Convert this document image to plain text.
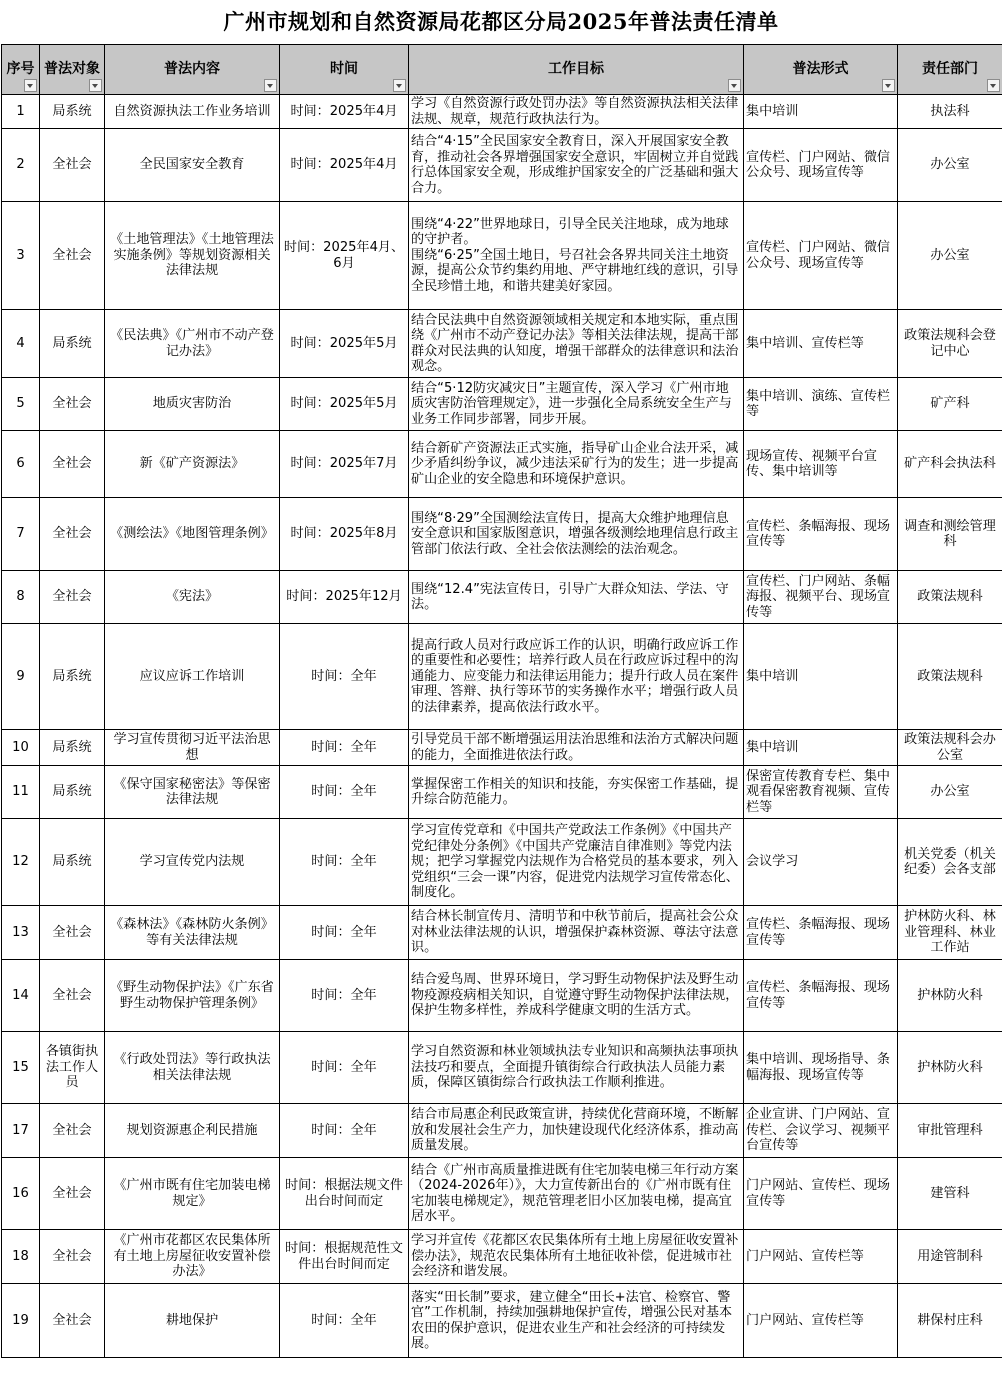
广州市规划和自然资源局花都区分局2025年普法责任清单
序号	普法对象	普法内容	时间	工作目标	普法形式	责任部门

1	局系统	自然资源执法工作业务培训	时间：2025年4月	学习《自然资源行政处罚办法》等自然资源执法相关法律法规、规章，规范行政执法行为。	集中培训	执法科
2	全社会	全民国家安全教育	时间：2025年4月	结合“4·15”全民国家安全教育日，深入开展国家安全教育，推动社会各界增强国家安全意识，牢固树立并自觉践行总体国家安全观，形成维护国家安全的广泛基础和强大合力。	宣传栏、门户网站、微信公众号、现场宣传等	办公室
3	全社会	《土地管理法》《土地管理法实施条例》等规划资源相关法律法规	时间：2025年4月、6月	围绕“4·22”世界地球日，引导全民关注地球，成为地球的守护者。
围绕“6·25”全国土地日，号召社会各界共同关注土地资源，提高公众节约集约用地、严守耕地红线的意识，引导全民珍惜土地，和谐共建美好家园。	宣传栏、门户网站、微信公众号、现场宣传等	办公室
4	局系统	《民法典》《广州市不动产登记办法》	时间：2025年5月	结合民法典中自然资源领域相关规定和本地实际，重点围绕《广州市不动产登记办法》等相关法律法规，提高干部群众对民法典的认知度，增强干部群众的法律意识和法治观念。	集中培训、宣传栏等	政策法规科会登记中心
5	全社会	地质灾害防治	时间：2025年5月	结合“5·12防灾减灾日”主题宣传，深入学习《广州市地质灾害防治管理规定》，进一步强化全局系统安全生产与业务工作同步部署，同步开展。	集中培训、演练、宣传栏等	矿产科
6	全社会	新《矿产资源法》	时间：2025年7月	结合新矿产资源法正式实施，指导矿山企业合法开采，减少矛盾纠纷争议，减少违法采矿行为的发生；进一步提高矿山企业的安全隐患和环境保护意识。	现场宣传、视频平台宣传、集中培训等	矿产科会执法科
7	全社会	《测绘法》《地图管理条例》	时间：2025年8月	围绕“8·29”全国测绘法宣传日，提高大众维护地理信息安全意识和国家版图意识，增强各级测绘地理信息行政主管部门依法行政、全社会依法测绘的法治观念。	宣传栏、条幅海报、现场宣传等	调查和测绘管理科
8	全社会	《宪法》	时间：2025年12月	围绕“12.4”宪法宣传日，引导广大群众知法、学法、守法。	宣传栏、门户网站、条幅海报、视频平台、现场宣传等	政策法规科
9	局系统	应议应诉工作培训	时间：全年	提高行政人员对行政应诉工作的认识，明确行政应诉工作的重要性和必要性；培养行政人员在行政应诉过程中的沟通能力、应变能力和法律运用能力；提升行政人员在案件审理、答辩、执行等环节的实务操作水平；增强行政人员的法律素养，提高依法行政水平。	集中培训	政策法规科
10	局系统	学习宣传贯彻习近平法治思想	时间：全年	引导党员干部不断增强运用法治思维和法治方式解决问题的能力，全面推进依法行政。	集中培训	政策法规科会办公室
11	局系统	《保守国家秘密法》等保密法律法规	时间：全年	掌握保密工作相关的知识和技能，夯实保密工作基础，提升综合防范能力。	保密宣传教育专栏、集中观看保密教育视频、宣传栏等	办公室
12	局系统	学习宣传党内法规	时间：全年	学习宣传党章和《中国共产党政法工作条例》《中国共产党纪律处分条例》《中国共产党廉洁自律准则》等党内法规；把学习掌握党内法规作为合格党员的基本要求，列入党组织“三会一课”内容，促进党内法规学习宣传常态化、制度化。	会议学习	机关党委（机关纪委）会各支部
13	全社会	《森林法》《森林防火条例》等有关法律法规	时间：全年	结合林长制宣传月、清明节和中秋节前后，提高社会公众对林业法律法规的认识，增强保护森林资源、尊法守法意识。	宣传栏、条幅海报、现场宣传等	护林防火科、林业管理科、林业工作站
14	全社会	《野生动物保护法》《广东省野生动物保护管理条例》	时间：全年	结合爱鸟周、世界环境日，学习野生动物保护法及野生动物疫源疫病相关知识，自觉遵守野生动物保护法律法规，保护生物多样性，养成科学健康文明的生活方式。	宣传栏、条幅海报、现场宣传等	护林防火科
15	各镇街执法工作人员	《行政处罚法》等行政执法相关法律法规	时间：全年	学习自然资源和林业领域执法专业知识和高频执法事项执法技巧和要点，全面提升镇街综合行政执法人员能力素质，保障区镇街综合行政执法工作顺利推进。	集中培训、现场指导、条幅海报、现场宣传等	护林防火科
17	全社会	规划资源惠企利民措施	时间：全年	结合市局惠企利民政策宣讲，持续优化营商环境，不断解放和发展社会生产力，加快建设现代化经济体系，推动高质量发展。	企业宣讲、门户网站、宣传栏、会议学习、视频平台宣传等	审批管理科
16	全社会	《广州市既有住宅加装电梯规定》	时间：根据法规文件出台时间而定	结合《广州市高质量推进既有住宅加装电梯三年行动方案（2024-2026年）》，大力宣传新出台的《广州市既有住宅加装电梯规定》，规范管理老旧小区加装电梯，提高宜居水平。	门户网站、宣传栏、现场宣传等	建管科
18	全社会	《广州市花都区农民集体所有土地上房屋征收安置补偿办法》	时间：根据规范性文件出台时间而定	学习并宣传《花都区农民集体所有土地上房屋征收安置补偿办法》，规范农民集体所有土地征收补偿，促进城市社会经济和谐发展。	门户网站、宣传栏等	用途管制科
19	全社会	耕地保护	时间：全年	落实“田长制”要求，建立健全“田长+法官、检察官、警官”工作机制，持续加强耕地保护宣传，增强公民对基本农田的保护意识，促进农业生产和社会经济的可持续发展。	门户网站、宣传栏等	耕保村庄科
